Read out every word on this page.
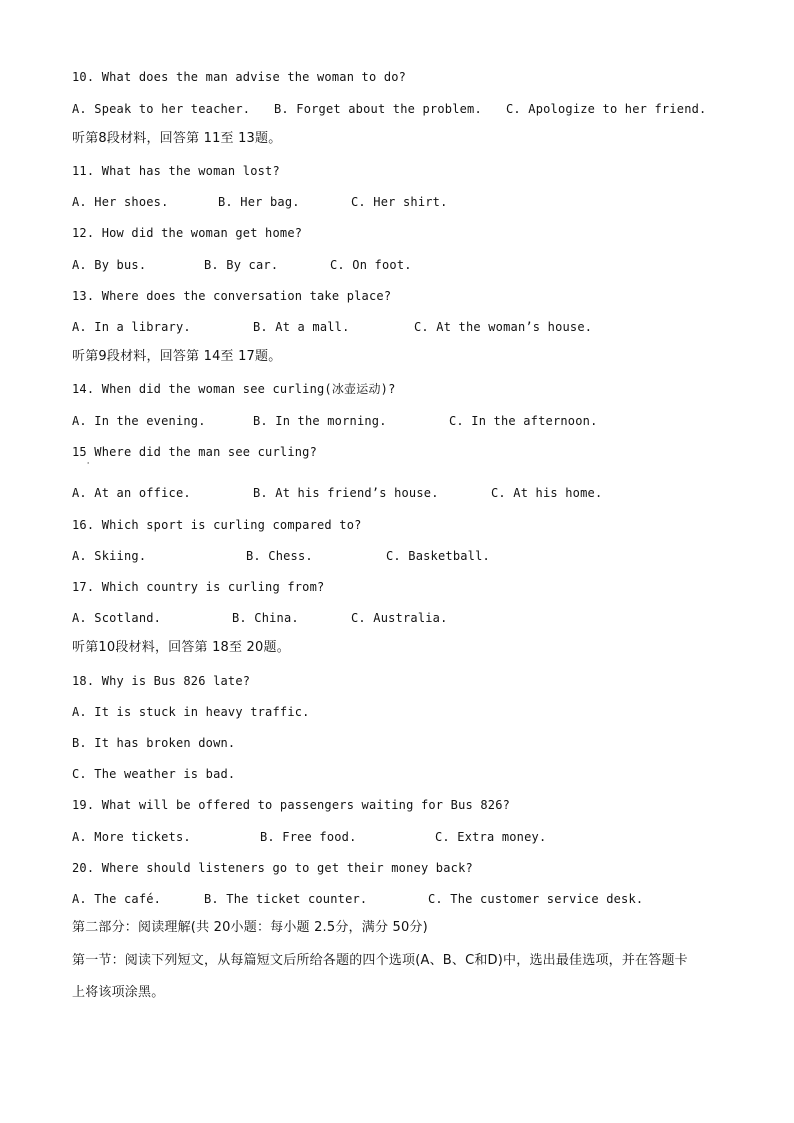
10. What does the man advise the woman to do?
A. Speak to her teacher. B. Forget about the problem. C. Apologize to her friend.
听第8段材料，回答第 11至 13题。
11. What has the woman lost?
A. Her shoes.	B. Her bag.	C. Her shirt.
12. How did the woman get home?
A. By bus.	B. By car.	C. On foot.
13. Where does the conversation take place?
A. In a library.	B. At a mall.	C. At the woman’s house.
听第9段材料，回答第 14至 17题。
14. When did the woman see curling(冰壶运动)?
A. In the evening.	B. In the morning.	C. In the afternoon.
15 Where did the man see curling?
'
A. At an office.	B. At his friend’s house.	C. At his home.
16. Which sport is curling compared to?
A. Skiing.	B. Chess.	C. Basketball.
17. Which country is curling from?
A. Scotland.	B. China.	C. Australia.
听第10段材料，回答第 18至 20题。
18. Why is Bus 826 late?
A. It is stuck in heavy traffic.
B. It has broken down.
C. The weather is bad.
19. What will be offered to passengers waiting for Bus 826?
A. More tickets.	B. Free food.	C. Extra money.
20. Where should listeners go to get their money back?
A. The café.	B. The ticket counter.	C. The customer service desk.
第二部分：阅读理解(共 20小题：每小题 2.5分，满分 50分)
第一节：阅读下列短文，从每篇短文后所给各题的四个选项(A、B、C和D)中，选出最佳选项，并在答题卡
上将该项涂黑。
